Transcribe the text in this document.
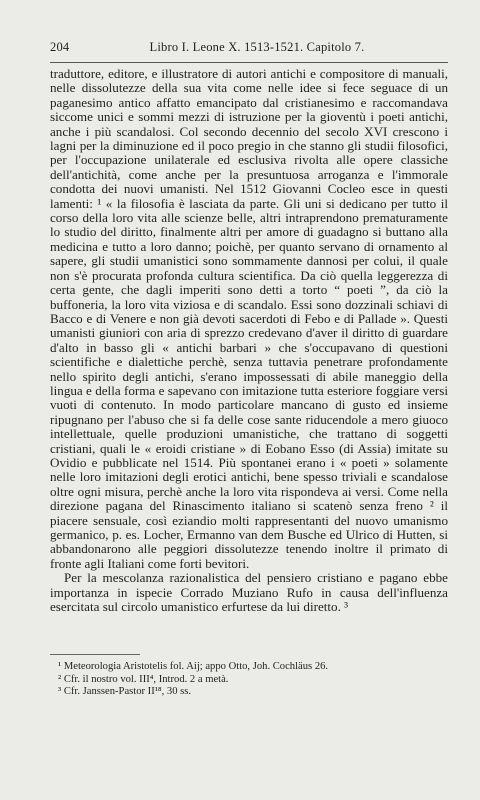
204	Libro I. Leone X. 1513-1521. Capitolo 7.

traduttore, editore, e illustratore di autori antichi e compositore di manuali, nelle dissolutezze della sua vita come nelle idee si fece seguace di un paganesimo antico affatto emancipato dal cristianesimo e raccomandava siccome unici e sommi mezzi di istruzione per la gioventù i poeti antichi, anche i più scandalosi. Col secondo decennio del secolo XVI crescono i lagni per la diminuzione ed il poco pregio in che stanno gli studii filosofici, per l'occupazione unilaterale ed esclusiva rivolta alle opere classiche dell'antichità, come anche per la presuntuosa arroganza e l'immorale condotta dei nuovi umanisti. Nel 1512 Giovanni Cocleo esce in questi lamenti: ¹ « la filosofia è lasciata da parte. Gli uni si dedicano per tutto il corso della loro vita alle scienze belle, altri intraprendono prematuramente lo studio del diritto, finalmente altri per amore di guadagno si buttano alla medicina e tutto a loro danno; poichè, per quanto servano di ornamento al sapere, gli studii umanistici sono sommamente dannosi per colui, il quale non s'è procurata profonda cultura scientifica. Da ciò quella leggerezza di certa gente, che dagli imperiti sono detti a torto “ poeti ”, da ciò la buffoneria, la loro vita viziosa e di scandalo. Essi sono dozzinali schiavi di Bacco e di Venere e non già devoti sacerdoti di Febo e di Pallade ». Questi umanisti giuniori con aria di sprezzo credevano d'aver il diritto di guardare d'alto in basso gli « antichi barbari » che s'occupavano di questioni scientifiche e dialettiche perchè, senza tuttavia penetrare profondamente nello spirito degli antichi, s'erano impossessati di abile maneggio della lingua e della forma e sapevano con imitazione tutta esteriore foggiare versi vuoti di contenuto. In modo particolare mancano di gusto ed insieme ripugnano per l'abuso che si fa delle cose sante riducendole a mero giuoco intellettuale, quelle produzioni umanistiche, che trattano di soggetti cristiani, quali le « eroidi cristiane » di Eobano Esso (di Assia) imitate su Ovidio e pubblicate nel 1514. Più spontanei erano i « poeti » solamente nelle loro imitazioni degli erotici antichi, bene spesso triviali e scandalose oltre ogni misura, perchè anche la loro vita rispondeva ai versi. Come nella direzione pagana del Rinascimento italiano si scatenò senza freno ² il piacere sensuale, così eziandio molti rappresentanti del nuovo umanismo germanico, p. es. Locher, Ermanno van dem Busche ed Ulrico di Hutten, si abbandonarono alle peggiori dissolutezze tenendo inoltre il primato di fronte agli Italiani come forti bevitori.

Per la mescolanza razionalistica del pensiero cristiano e pagano ebbe importanza in ispecie Corrado Muziano Rufo in causa dell'influenza esercitata sul circolo umanistico erfurtese da lui diretto. ³

¹ Meteorologia Aristotelis fol. Aij; appo Otto, Joh. Cochläus 26.

² Cfr. il nostro vol. III⁴, Introd. 2 a metà.

³ Cfr. Janssen-Pastor II¹⁸, 30 ss.
